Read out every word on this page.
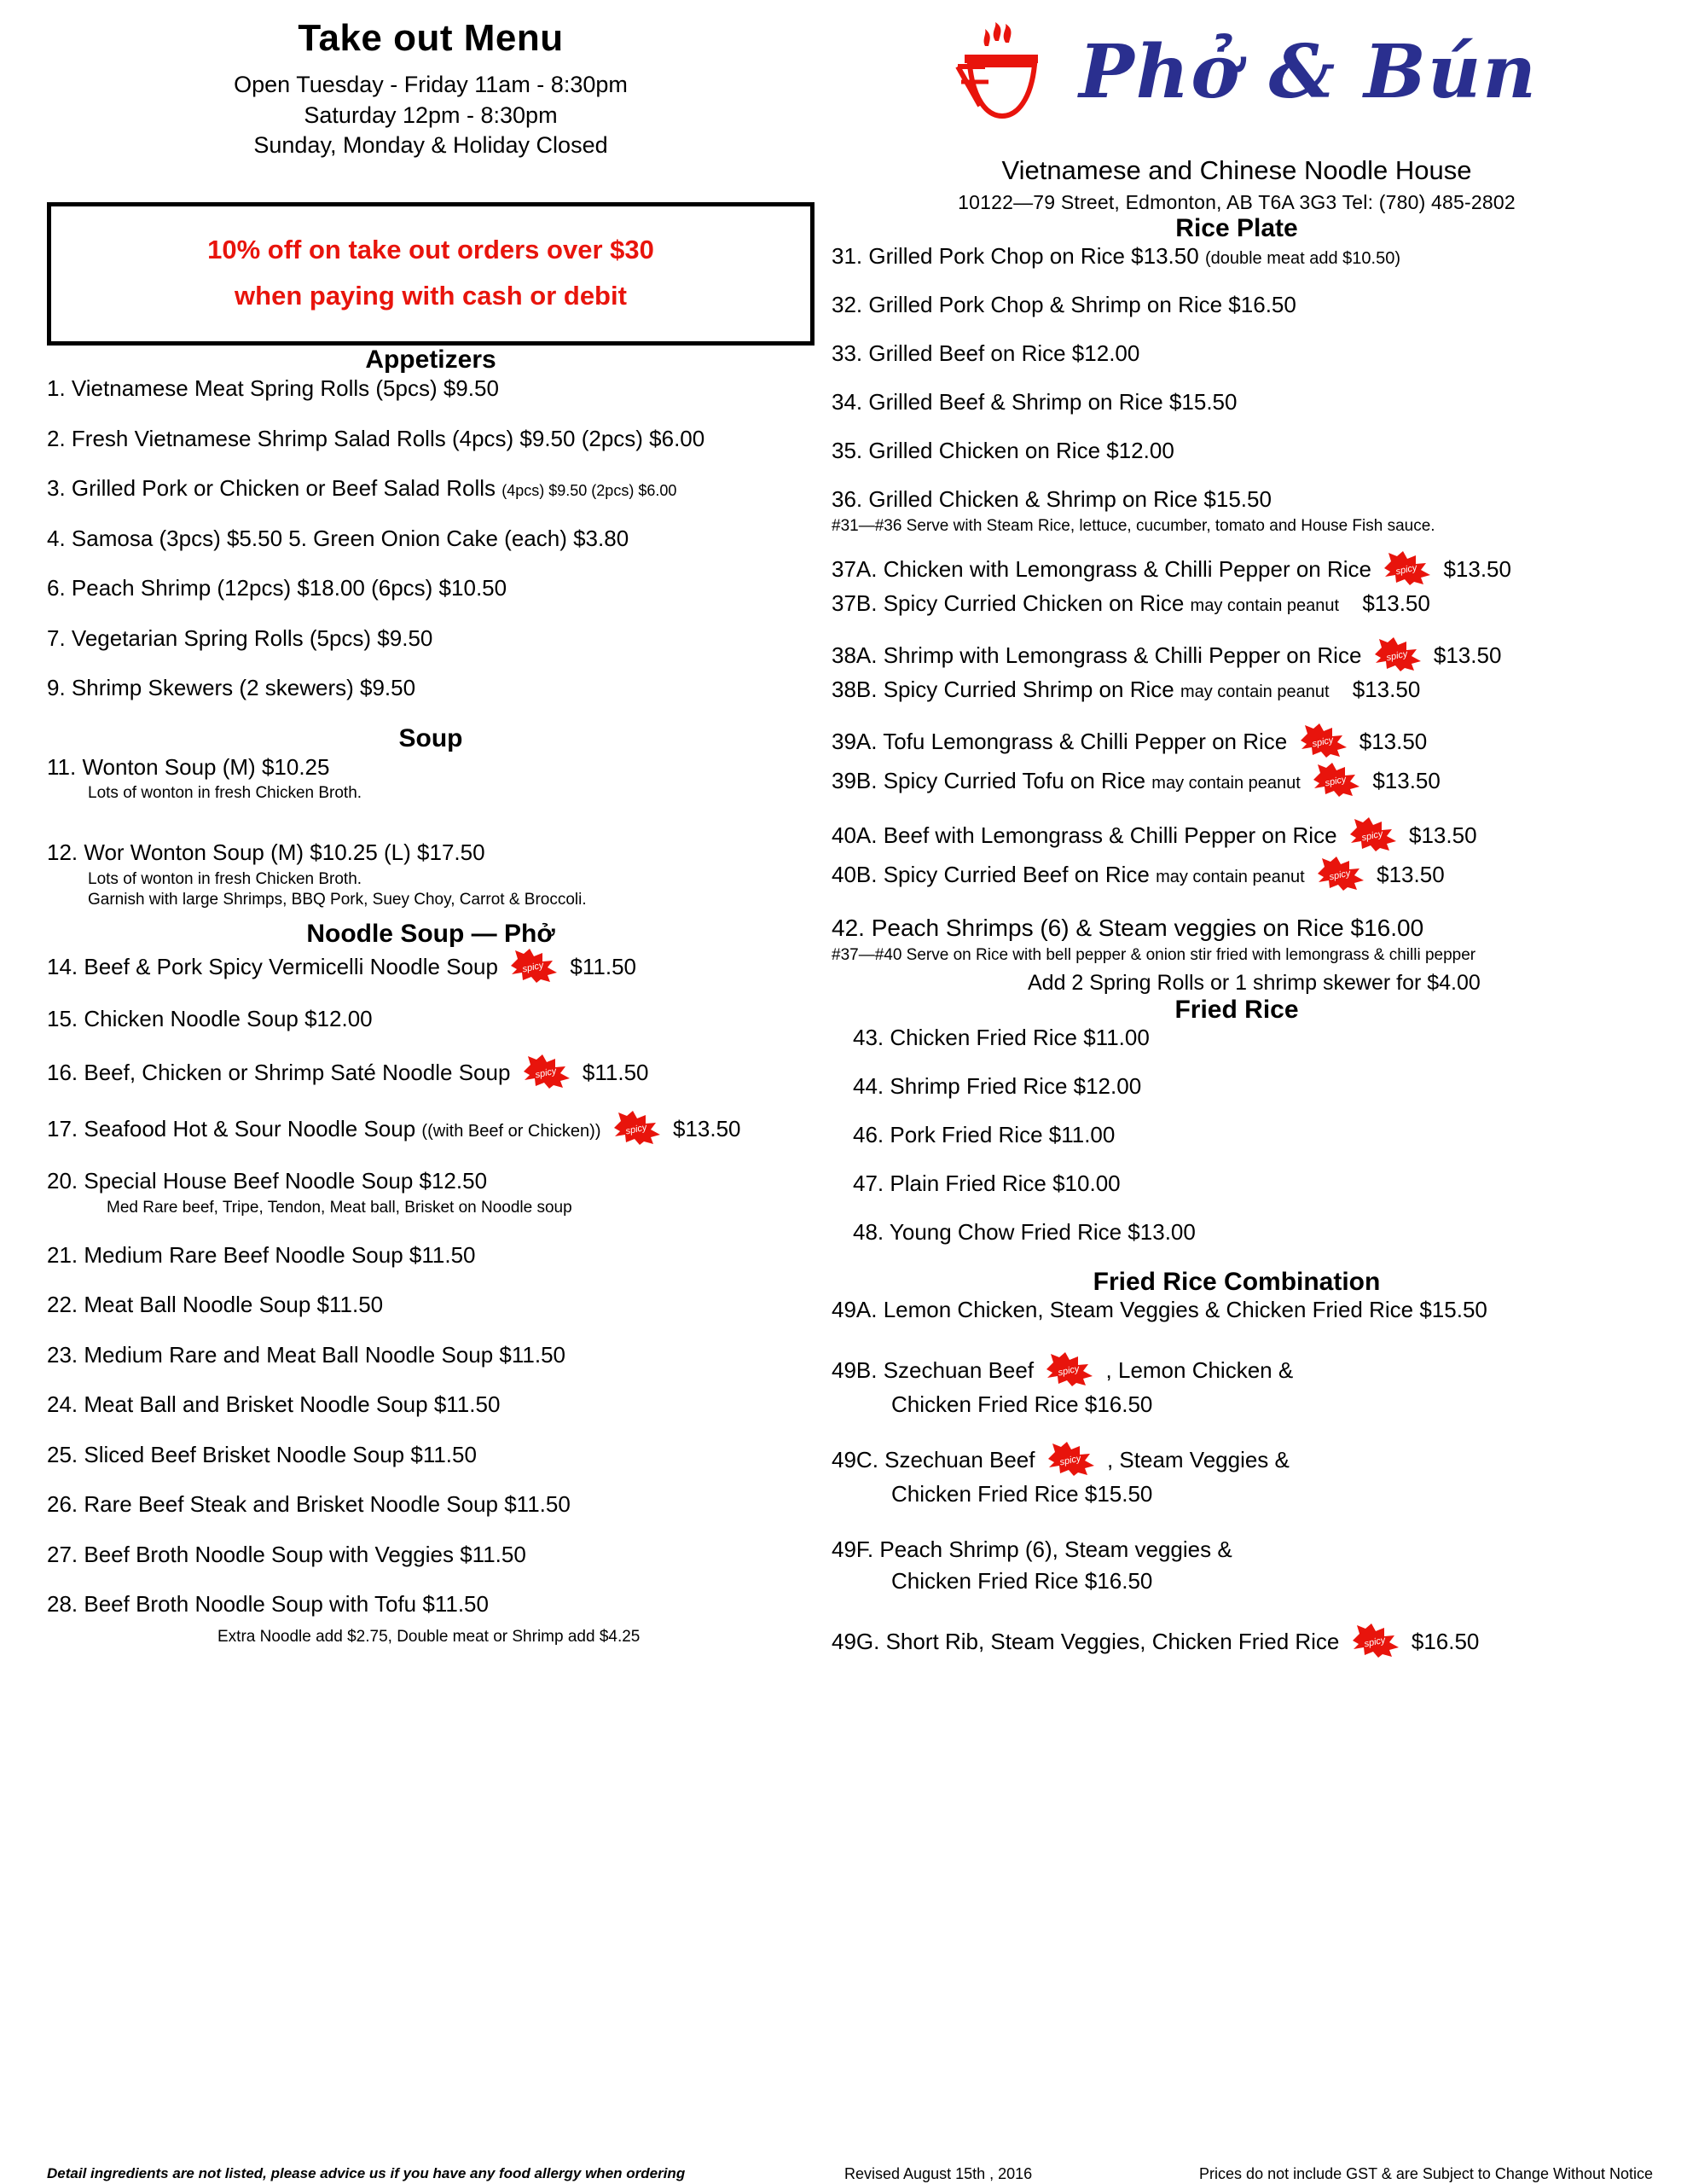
Take out Menu
Open Tuesday - Friday 11am - 8:30pm
Saturday 12pm - 8:30pm
Sunday, Monday & Holiday Closed
10% off on take out orders over $30
when paying with cash or debit
Appetizers
1. Vietnamese Meat Spring Rolls (5pcs) $9.50
2. Fresh Vietnamese Shrimp Salad Rolls (4pcs) $9.50 (2pcs) $6.00
3. Grilled Pork or Chicken or Beef Salad Rolls (4pcs) $9.50 (2pcs) $6.00
4. Samosa (3pcs) $5.50 5. Green Onion Cake (each) $3.80
6. Peach Shrimp (12pcs) $18.00 (6pcs) $10.50
7. Vegetarian Spring Rolls (5pcs) $9.50
9. Shrimp Skewers (2 skewers) $9.50
Soup
11. Wonton Soup (M) $10.25
Lots of wonton in fresh Chicken Broth.
12. Wor Wonton Soup (M) $10.25 (L) $17.50
Lots of wonton in fresh Chicken Broth.
Garnish with large Shrimps, BBQ Pork, Suey Choy, Carrot & Broccoli.
Noodle Soup — Phở
14. Beef & Pork Spicy Vermicelli Noodle Soup	spicy $11.50
15. Chicken Noodle Soup $12.00
16. Beef, Chicken or Shrimp Saté Noodle Soup	spicy $11.50
17. Seafood Hot & Sour Noodle Soup ((with Beef or Chicken))	spicy $13.50
20. Special House Beef Noodle Soup $12.50
Med Rare beef, Tripe, Tendon, Meat ball, Brisket on Noodle soup
21. Medium Rare Beef Noodle Soup $11.50
22. Meat Ball Noodle Soup $11.50
23. Medium Rare and Meat Ball Noodle Soup $11.50
24. Meat Ball and Brisket Noodle Soup $11.50
25. Sliced Beef Brisket Noodle Soup $11.50
26. Rare Beef Steak and Brisket Noodle Soup $11.50
27. Beef Broth Noodle Soup with Veggies $11.50
28. Beef Broth Noodle Soup with Tofu $11.50
Extra Noodle add $2.75, Double meat or Shrimp add $4.25
Phở & Bún
Vietnamese and Chinese Noodle House
10122—79 Street, Edmonton, AB T6A 3G3 Tel: (780) 485-2802
Rice Plate
31. Grilled Pork Chop on Rice $13.50 (double meat add $10.50)
32. Grilled Pork Chop & Shrimp on Rice $16.50
33. Grilled Beef on Rice $12.00
34. Grilled Beef & Shrimp on Rice $15.50
35. Grilled Chicken on Rice $12.00
36. Grilled Chicken & Shrimp on Rice $15.50
#31—#36 Serve with Steam Rice, lettuce, cucumber, tomato and House Fish sauce.
37A. Chicken with Lemongrass & Chilli Pepper on Rice	spicy $13.50
37B. Spicy Curried Chicken on Rice may contain peanut $13.50
38A. Shrimp with Lemongrass & Chilli Pepper on Rice	spicy $13.50
38B. Spicy Curried Shrimp on Rice may contain peanut $13.50
39A. Tofu Lemongrass & Chilli Pepper on Rice	spicy $13.50
39B. Spicy Curried Tofu on Rice may contain peanut	spicy $13.50
40A. Beef with Lemongrass & Chilli Pepper on Rice	spicy $13.50
40B. Spicy Curried Beef on Rice may contain peanut	spicy $13.50
42. Peach Shrimps (6) & Steam veggies on Rice $16.00
#37—#40 Serve on Rice with bell pepper & onion stir fried with lemongrass & chilli pepper
Add 2 Spring Rolls or 1 shrimp skewer for $4.00
Fried Rice
43. Chicken Fried Rice $11.00
44. Shrimp Fried Rice $12.00
46. Pork Fried Rice $11.00
47. Plain Fried Rice $10.00
48. Young Chow Fried Rice $13.00
Fried Rice Combination
49A. Lemon Chicken, Steam Veggies & Chicken Fried Rice $15.50
49B. Szechuan Beef	spicy , Lemon Chicken &
Chicken Fried Rice $16.50
49C. Szechuan Beef	spicy , Steam Veggies &
Chicken Fried Rice $15.50
49F. Peach Shrimp (6), Steam veggies &
Chicken Fried Rice $16.50
49G. Short Rib, Steam Veggies, Chicken Fried Rice	spicy $16.50
Detail ingredients are not listed, please advice us if you have any food allergy when ordering	Revised August 15th , 2016	Prices do not include GST & are Subject to Change Without Notice
